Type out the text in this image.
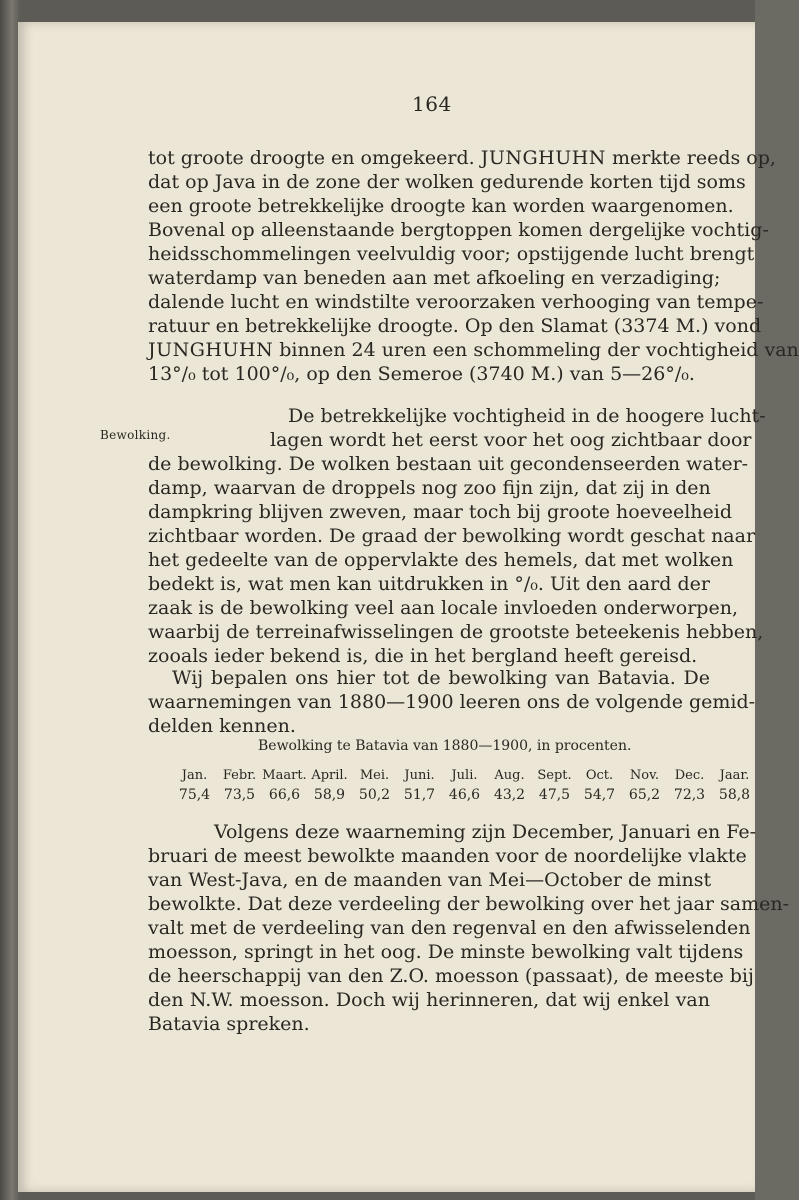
164

tot groote droogte en omgekeerd. JUNGHUHN merkte reeds op,
dat op Java in de zone der wolken gedurende korten tijd soms
een groote betrekkelijke droogte kan worden waargenomen.
Bovenal op alleenstaande bergtoppen komen dergelijke vochtig-
heidsschommelingen veelvuldig voor; opstijgende lucht brengt
waterdamp van beneden aan met afkoeling en verzadiging;
dalende lucht en windstilte veroorzaken verhooging van tempe-
ratuur en betrekkelijke droogte. Op den Slamat (3374 M.) vond
JUNGHUHN binnen 24 uren een schommeling der vochtigheid van
13°/₀ tot 100°/₀, op den Semeroe (3740 M.) van 5—26°/₀.

Bewolking.

De betrekkelijke vochtigheid in de hoogere lucht-
lagen wordt het eerst voor het oog zichtbaar door
de bewolking. De wolken bestaan uit gecondenseerden water-
damp, waarvan de droppels nog zoo fijn zijn, dat zij in den
dampkring blijven zweven, maar toch bij groote hoeveelheid
zichtbaar worden. De graad der bewolking wordt geschat naar
het gedeelte van de oppervlakte des hemels, dat met wolken
bedekt is, wat men kan uitdrukken in °/₀. Uit den aard der
zaak is de bewolking veel aan locale invloeden onderworpen,
waarbij de terreinafwisselingen de grootste beteekenis hebben,
zooals ieder bekend is, die in het bergland heeft gereisd.

Wij bepalen ons hier tot de bewolking van Batavia. De
waarnemingen van 1880—1900 leeren ons de volgende gemid-
delden kennen.

Bewolking te Batavia van 1880—1900, in procenten.
Jan.	Febr.	Maart.	April.	Mei.	Juni.	Juli.	Aug.	Sept.	Oct.	Nov.	Dec.	Jaar.
75,4	73,5	66,6	58,9	50,2	51,7	46,6	43,2	47,5	54,7	65,2	72,3	58,8

Volgens deze waarneming zijn December, Januari en Fe-
bruari de meest bewolkte maanden voor de noordelijke vlakte
van West-Java, en de maanden van Mei—October de minst
bewolkte. Dat deze verdeeling der bewolking over het jaar samen-
valt met de verdeeling van den regenval en den afwisselenden
moesson, springt in het oog. De minste bewolking valt tijdens
de heerschappij van den Z.O. moesson (passaat), de meeste bij
den N.W. moesson. Doch wij herinneren, dat wij enkel van
Batavia spreken.
